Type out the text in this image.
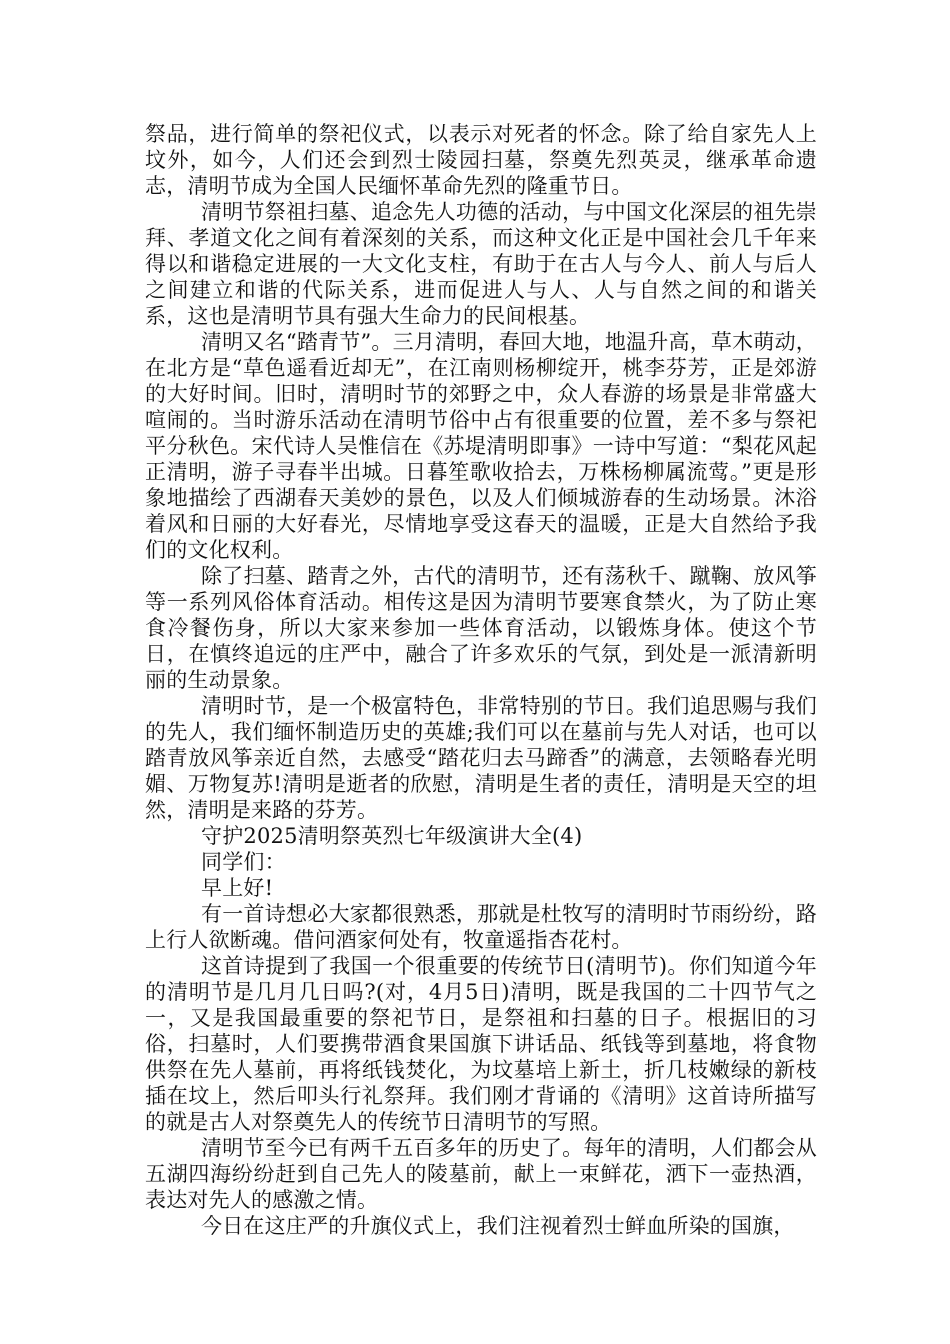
祭品，进行简单的祭祀仪式，以表示对死者的怀念。除了给自家先人上坟外，如今，人们还会到烈士陵园扫墓，祭奠先烈英灵，继承革命遗志，清明节成为全国人民缅怀革命先烈的隆重节日。

清明节祭祖扫墓、追念先人功德的活动，与中国文化深层的祖先崇拜、孝道文化之间有着深刻的关系，而这种文化正是中国社会几千年来得以和谐稳定进展的一大文化支柱，有助于在古人与今人、前人与后人之间建立和谐的代际关系，进而促进人与人、人与自然之间的和谐关系，这也是清明节具有强大生命力的民间根基。

清明又名“踏青节”。三月清明，春回大地，地温升高，草木萌动，在北方是“草色遥看近却无”，在江南则杨柳绽开，桃李芬芳，正是郊游的大好时间。旧时，清明时节的郊野之中，众人春游的场景是非常盛大喧闹的。当时游乐活动在清明节俗中占有很重要的位置，差不多与祭祀平分秋色。宋代诗人吴惟信在《苏堤清明即事》一诗中写道：“梨花风起正清明，游子寻春半出城。日暮笙歌收拾去，万株杨柳属流莺。”更是形象地描绘了西湖春天美妙的景色，以及人们倾城游春的生动场景。沐浴着风和日丽的大好春光，尽情地享受这春天的温暖，正是大自然给予我们的文化权利。

除了扫墓、踏青之外，古代的清明节，还有荡秋千、蹴鞠、放风筝等一系列风俗体育活动。相传这是因为清明节要寒食禁火，为了防止寒食冷餐伤身，所以大家来参加一些体育活动，以锻炼身体。使这个节日，在慎终追远的庄严中，融合了许多欢乐的气氛，到处是一派清新明丽的生动景象。

清明时节，是一个极富特色，非常特别的节日。我们追思赐与我们的先人，我们缅怀制造历史的英雄;我们可以在墓前与先人对话，也可以踏青放风筝亲近自然，去感受“踏花归去马蹄香”的满意，去领略春光明媚、万物复苏!清明是逝者的欣慰，清明是生者的责任，清明是天空的坦然，清明是来路的芬芳。

守护2025清明祭英烈七年级演讲大全(4)

同学们：

早上好!

有一首诗想必大家都很熟悉，那就是杜牧写的清明时节雨纷纷，路上行人欲断魂。借问酒家何处有，牧童遥指杏花村。

这首诗提到了我国一个很重要的传统节日(清明节)。你们知道今年的清明节是几月几日吗?(对，4月5日)清明，既是我国的二十四节气之一，又是我国最重要的祭祀节日，是祭祖和扫墓的日子。根据旧的习俗，扫墓时，人们要携带酒食果国旗下讲话品、纸钱等到墓地，将食物供祭在先人墓前，再将纸钱焚化，为坟墓培上新土，折几枝嫩绿的新枝插在坟上，然后叩头行礼祭拜。我们刚才背诵的《清明》这首诗所描写的就是古人对祭奠先人的传统节日清明节的写照。

清明节至今已有两千五百多年的历史了。每年的清明，人们都会从五湖四海纷纷赶到自己先人的陵墓前，献上一束鲜花，洒下一壶热酒，表达对先人的感激之情。

今日在这庄严的升旗仪式上，我们注视着烈士鲜血所染的国旗，
